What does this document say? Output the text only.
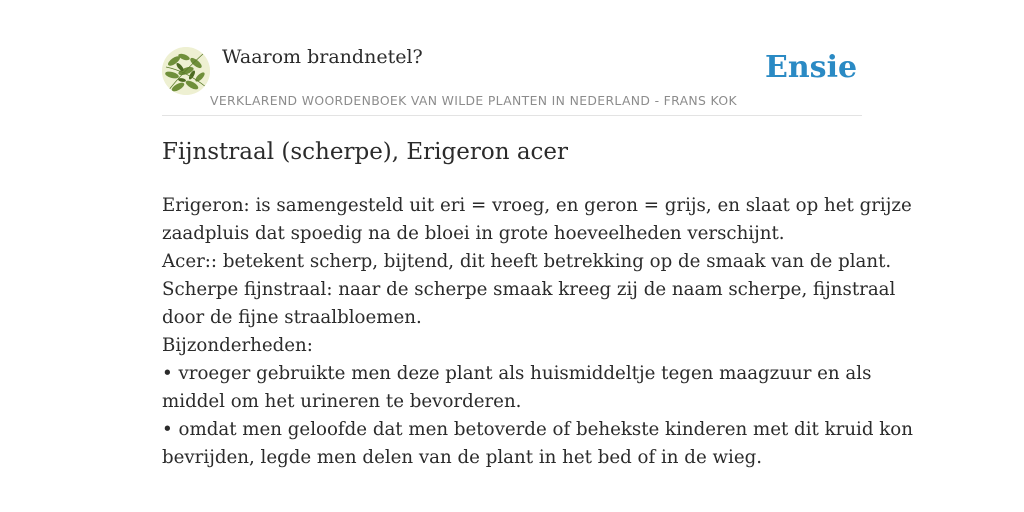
Waarom brandnetel?	Ensie
VERKLAREND WOORDENBOEK VAN WILDE PLANTEN IN NEDERLAND - FRANS KOK
Fijnstraal (scherpe), Erigeron acer
Erigeron: is samengesteld uit eri = vroeg, en geron = grijs, en slaat op het grijze
zaadpluis dat spoedig na de bloei in grote hoeveelheden verschijnt.
Acer:: betekent scherp, bijtend, dit heeft betrekking op de smaak van de plant.
Scherpe fijnstraal: naar de scherpe smaak kreeg zij de naam scherpe, fijnstraal
door de fijne straalbloemen.
Bijzonderheden:
• vroeger gebruikte men deze plant als huismiddeltje tegen maagzuur en als
middel om het urineren te bevorderen.
• omdat men geloofde dat men betoverde of behekste kinderen met dit kruid kon
bevrijden, legde men delen van de plant in het bed of in de wieg.
